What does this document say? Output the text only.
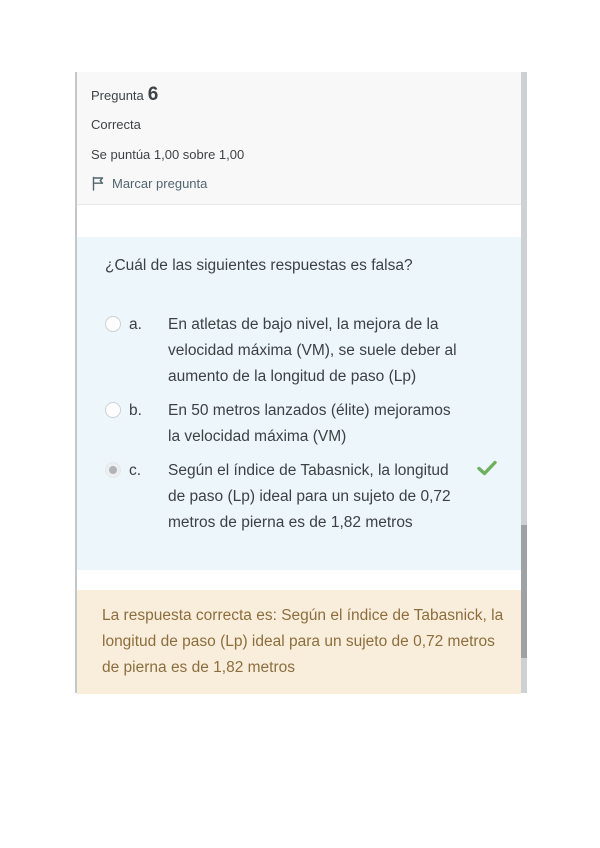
Pregunta 6
Correcta
Se puntúa 1,00 sobre 1,00
Marcar pregunta
¿Cuál de las siguientes respuestas es falsa?
a.	En atletas de bajo nivel, la mejora de la velocidad máxima (VM), se suele deber al aumento de la longitud de paso (Lp)
b.	En 50 metros lanzados (élite) mejoramos la velocidad máxima (VM)
c.	Según el índice de Tabasnick, la longitud de paso (Lp) ideal para un sujeto de 0,72 metros de pierna es de 1,82 metros
La respuesta correcta es: Según el índice de Tabasnick, la longitud de paso (Lp) ideal para un sujeto de 0,72 metros de pierna es de 1,82 metros
